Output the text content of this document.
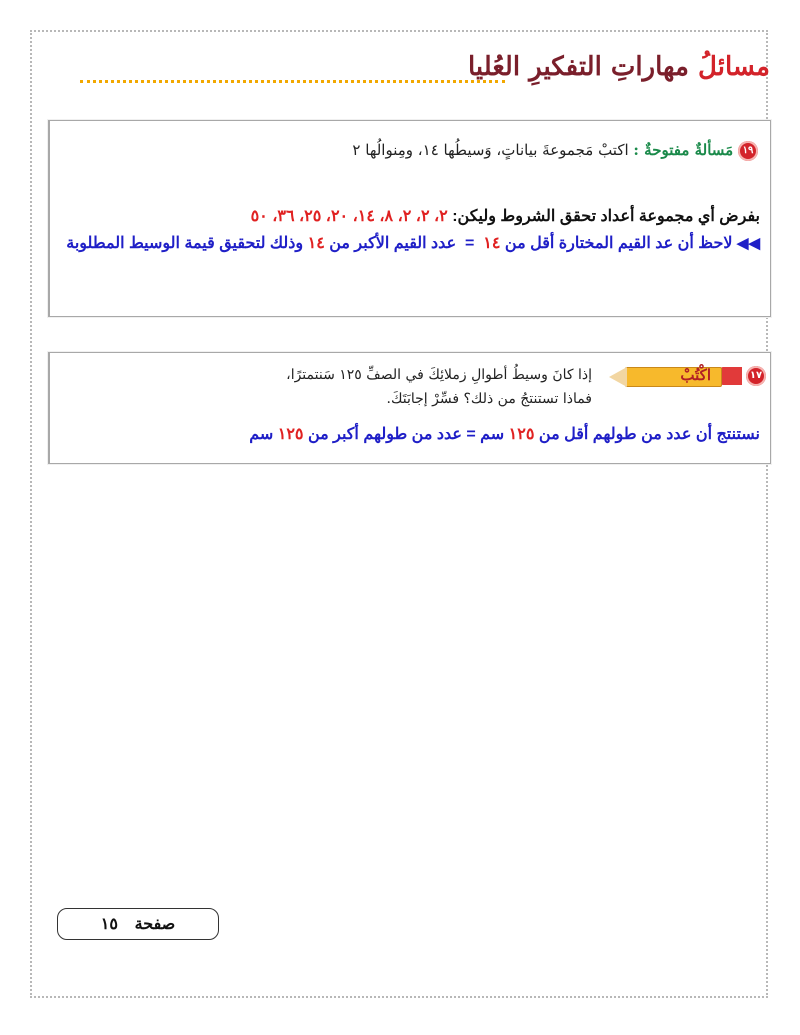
مسائلُ مهاراتِ التفكيرِ العُليا
١٩ مَسألةٌ مفتوحةٌ : اكتبْ مَجموعةَ بياناتٍ، وَسيطُها ١٤، ومِنوالُها ٢
بفرض أي مجموعة أعداد تحقق الشروط وليكن: ٢، ٢، ٢، ٨، ١٤، ٢٠، ٢٥، ٣٦، ٥٠
◀◀ لاحظ أن عد القيم المختارة أقل من ١٤  =  عدد القيم الأكبر من ١٤ وذلك لتحقيق قيمة الوسيط المطلوبة
١٧
اكْتُبْ
إذا كانَ وسيطُ أطوالِ زملائِكَ في الصفِّ ١٢٥ سَنتمترًا،
فماذا تستنتجُ من ذلك؟ فسِّرْ إجابَتَكَ.
نستنتج أن عدد من طولهم أقل من ١٢٥ سم = عدد من طولهم أكبر من ١٢٥ سم
صفحة   ١٥
